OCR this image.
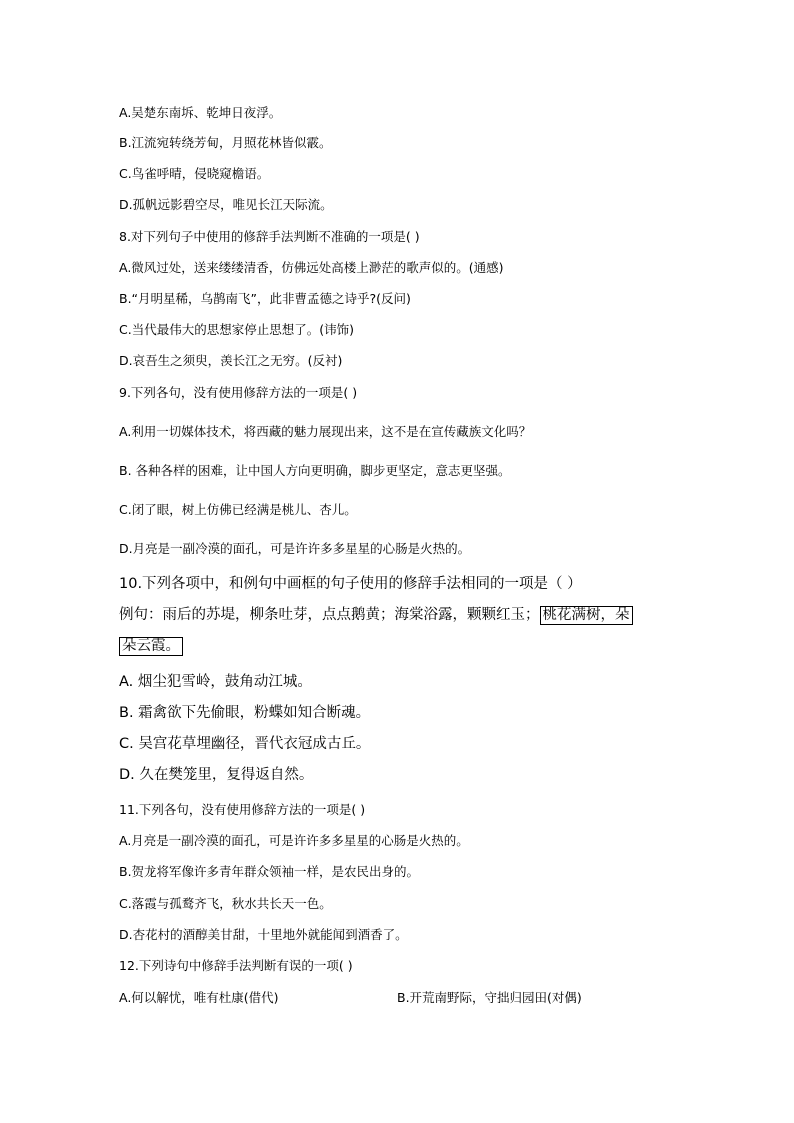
A.吴楚东南坼、乾坤日夜浮。
B.江流宛转绕芳甸，月照花林皆似霰。
C.鸟雀呼晴，侵晓窥檐语。
D.孤帆远影碧空尽，唯见长江天际流。
8.对下列句子中使用的修辞手法判断不准确的一项是( )
A.微风过处，送来缕缕清香，仿佛远处高楼上渺茫的歌声似的。(通感)
B.“月明星稀，乌鹊南飞”，此非曹孟德之诗乎?(反问)
C.当代最伟大的思想家停止思想了。(讳饰)
D.哀吾生之须臾，羡长江之无穷。(反衬)
9.下列各句，没有使用修辞方法的一项是( )
A.利用一切媒体技术，将西藏的魅力展现出来，这不是在宣传藏族文化吗？
B. 各种各样的困难，让中国人方向更明确，脚步更坚定，意志更坚强。
C.闭了眼，树上仿佛已经满是桃儿、杏儿。
D.月亮是一副冷漠的面孔，可是许许多多星星的心肠是火热的。
10.下列各项中，和例句中画框的句子使用的修辞手法相同的一项是（ ）
例句：雨后的苏堤，柳条吐芽，点点鹅黄；海棠浴露，颗颗红玉； 桃花满树，朵
朵云霞。
A. 烟尘犯雪岭，鼓角动江城。
B. 霜禽欲下先偷眼，粉蝶如知合断魂。
C. 吴宫花草埋幽径，晋代衣冠成古丘。
D. 久在樊笼里，复得返自然。
11.下列各句，没有使用修辞方法的一项是( )
A.月亮是一副冷漠的面孔，可是许许多多星星的心肠是火热的。
B.贺龙将军像许多青年群众领袖一样，是农民出身的。
C.落霞与孤鹜齐飞，秋水共长天一色。
D.杏花村的酒醇美甘甜，十里地外就能闻到酒香了。
12.下列诗句中修辞手法判断有误的一项( )
A.何以解忧，唯有杜康(借代)	B.开荒南野际，守拙归园田(对偶)
